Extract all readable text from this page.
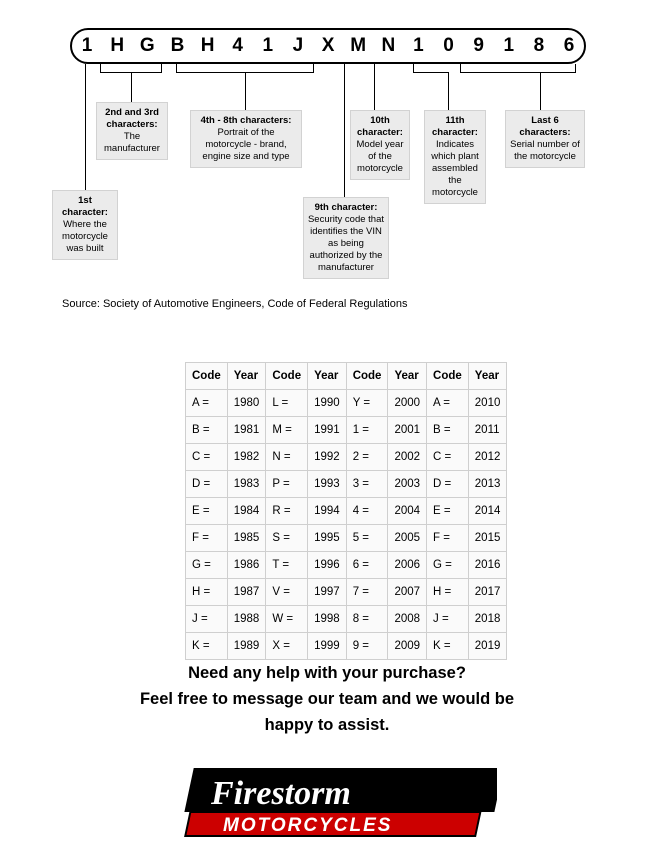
1 H G B H 4	1	J X M N 1	0	9	1	8	6
1st character:
Where the motorcycle was built
2nd and 3rd characters:
The manufacturer
4th - 8th characters:
Portrait of the motorcycle - brand, engine size and type
9th character:
Security code that identifies the VIN as being authorized by the manufacturer
10th character:
Model year of the motorcycle
11th character:
Indicates which plant assembled the motorcycle
Last 6 characters:
Serial number of the motorcycle
Source: Society of Automotive Engineers, Code of Federal Regulations
Code	Year	Code	Year	Code	Year	Code	Year
A =	1980	L =	1990	Y =	2000	A =	2010
B =	1981	M =	1991	1 =	2001	B =	2011
C =	1982	N =	1992	2 =	2002	C =	2012
D =	1983	P =	1993	3 =	2003	D =	2013
E =	1984	R =	1994	4 =	2004	E =	2014
F =	1985	S =	1995	5 =	2005	F =	2015
G =	1986	T =	1996	6 =	2006	G =	2016
H =	1987	V =	1997	7 =	2007	H =	2017
J =	1988	W =	1998	8 =	2008	J =	2018
K =	1989	X =	1999	9 =	2009	K =	2019
Need any help with your purchase?
Feel free to message our team and we would be
happy to assist.
Firestorm
MOTORCYCLES
